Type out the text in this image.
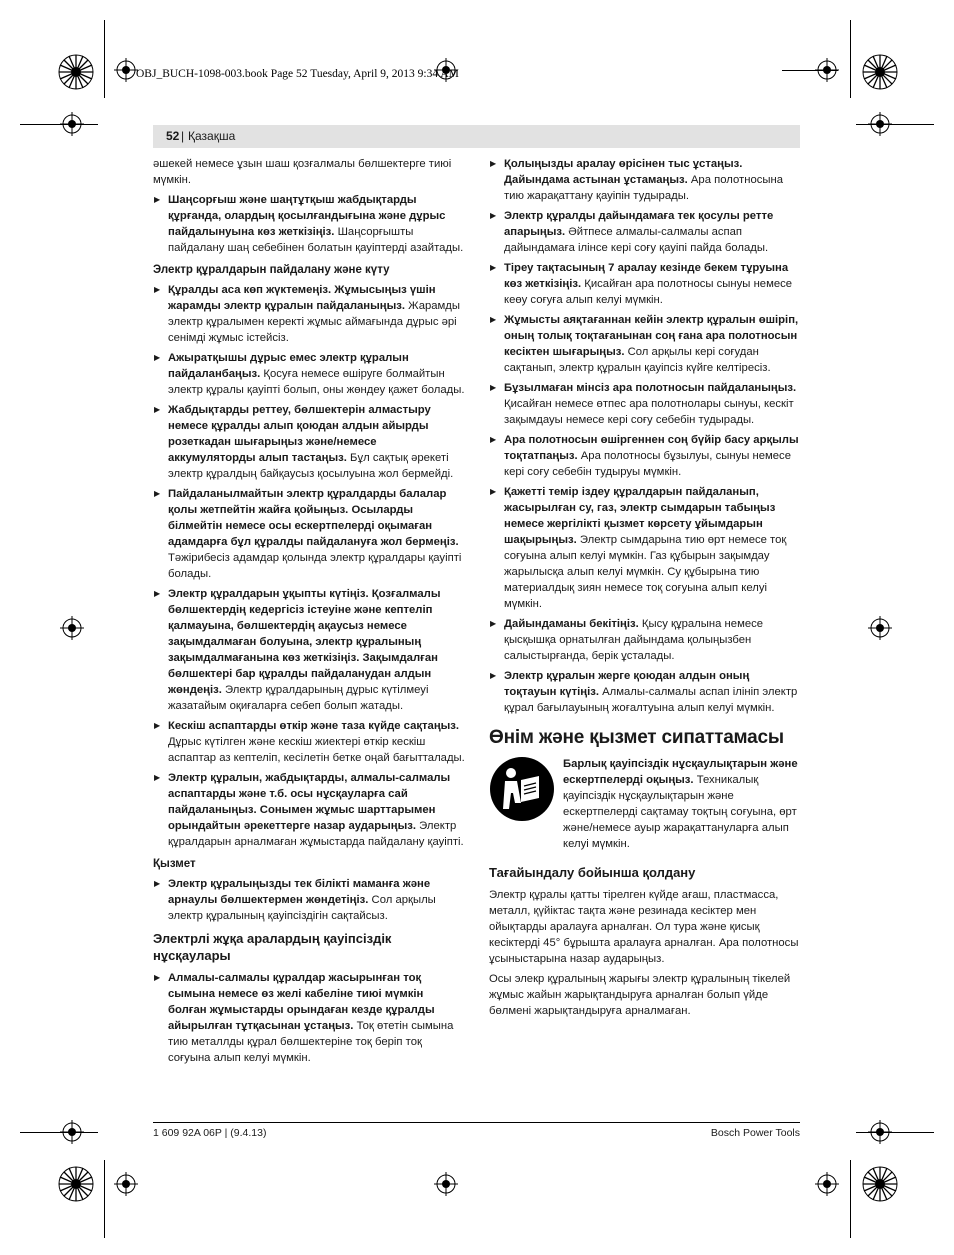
OBJ_BUCH-1098-003.book Page 52 Tuesday, April 9, 2013 9:34 AM
52 | Қазақша

әшекей немесе ұзын шаш қозғалмалы бөлшектерге тиюі мүмкін.

▶ Шаңсорғыш және шаңтұтқыш жабдықтарды құрғанда, олардың қосылғандығына және дұрыс пайдалынуына көз жеткізіңіз. Шаңсорғышты пайдалану шаң себебінен болатын қауіптерді азайтады.
Электр құралдарын пайдалану және күту
▶ Құралды аса көп жүктемеңіз. Жұмысыңыз үшін жарамды электр құралын пайдаланыңыз. Жарамды электр құралымен керекті жұмыс аймағында дұрыс әрі сенімді жұмыс істейсіз.
▶ Ажыратқышы дұрыс емес электр құралын пайдаланбаңыз. Қосуға немесе өшіруге болмайтын электр құралы қауіпті болып, оны жөндеу қажет болады.
▶ Жабдықтарды реттеу, бөлшектерін алмастыру немесе құралды алып қоюдан алдын айырды розеткадан шығарыңыз және/немесе аккумуляторды алып тастаңыз. Бұл сақтық әрекеті электр құралдың байқаусыз қосылуына жол бермейді.
▶ Пайдаланылмайтын электр құралдарды балалар қолы жетпейтін жайға қойыңыз. Осыларды білмейтін немесе осы ескертпелерді оқымаған адамдарға бұл құралды пайдалануға жол бермеңіз. Тәжірибесіз адамдар қолында электр құралдары қауіпті болады.
▶ Электр құралдарын ұқыпты күтіңіз. Қозғалмалы бөлшектердің кедергісіз істеуіне және кептеліп қалмауына, бөлшектердің ақаусыз немесе зақымдалмаған болуына, электр құралының зақымдалмағанына көз жеткізіңіз. Зақымдалған бөлшектері бар құралды пайдаланудан алдын жөндеңіз. Электр құралдарының дұрыс күтілмеуі жазатайым оқиғаларға себеп болып жатады.
▶ Кескіш аспаптарды өткір және таза күйде сақтаңыз. Дұрыс күтілген және кескіш жиектері өткір кескіш аспаптар аз кептеліп, кесілетін бетке оңай бағытталады.
▶ Электр құралын, жабдықтарды, алмалы-салмалы аспаптарды және т.б. осы нұсқауларға сай пайдаланыңыз. Сонымен жұмыс шарттарымен орындайтын әрекеттерге назар аударыңыз. Электр құралдарын арналмаған жұмыстарда пайдалану қауіпті.
Қызмет
▶ Электр құралыңызды тек білікті маманға және арнаулы бөлшектермен жөндетіңіз. Сол арқылы электр құралының қауіпсіздігін сақтайсыз.
Электрлі жұқа аралардың қауіпсіздік нұсқаулары
▶ Алмалы-салмалы құралдар жасырынған тоқ сымына немесе өз желі кабеліне тиюі мүмкін болған жұмыстарды орындаған кезде құралды айырылған тұтқасынан ұстаңыз. Тоқ өтетін сымына тию металлды құрал бөлшектеріне тоқ беріп тоқ соғуына алып келуі мүмкін.
▶ Қолыңызды аралау өрісінен тыс ұстаңыз. Дайындама астынан ұстамаңыз. Ара полотносына тию жарақаттану қауіпін тудырады.
▶ Электр құралды дайындамаға тек қосулы ретте апарыңыз. Әйтпесе алмалы-салмалы аспап дайындамаға ілінсе кері соғу қауіпі пайда болады.
▶ Тіреу тақтасының 7 аралау кезінде бекем тұруына көз жеткізіңіз. Қисайған ара полотносы сынуы немесе кеөу соғуға алып келуі мүмкін.
▶ Жұмысты аяқтағаннан кейін электр құралын өшіріп, оның толық тоқтағанынан соң ғана ара полотносын кесіктен шығарыңыз. Сол арқылы кері соғудан сақтанып, электр құралын қауіпсіз күйге келтіресіз.
▶ Бұзылмаған мінсіз ара полотносын пайдаланыңыз. Қисайған немесе өтпес ара полотнолары сынуы, кескіт зақымдауы немесе кері соғу себебін тудырады.
▶ Ара полотносын өшіргеннен соң бүйір басу арқылы тоқтатпаңыз. Ара полотносы бұзылуы, сынуы немесе кері соғу себебін тудыруы мүмкін.
▶ Қажетті темір іздеу құралдарын пайдаланып, жасырылған су, газ, электр сымдарын табыңыз немесе жергілікті қызмет көрсету ұйымдарын шақырыңыз. Электр сымдарына тию өрт немесе тоқ соғуына алып келуі мүмкін. Газ құбырын зақымдау жарылысқа алып келуі мүмкін. Су құбырына тию материалдық зиян немесе тоқ соғуына алып келуі мүмкін.
▶ Дайындаманы бекітіңіз. Қысу құралына немесе қысқышқа орнатылған дайындама қолыңызбен салыстырғанда, берік ұсталады.
▶ Электр құралын жерге қоюдан алдын оның тоқтауын күтіңіз. Алмалы-салмалы аспап ілініп электр құрал бағылауының жоғалтуына алып келуі мүмкін.
Өнім және қызмет сипаттамасы
Барлық қауіпсіздік нұсқаулықтарын және ескертпелерді оқыңыз. Техникалық қауіпсіздік нұсқаулықтарын және ескертпелерді сақтамау тоқтың соғуына, өрт және/немесе ауыр жарақаттануларға алып келуі мүмкін.
Тағайындалу бойынша қолдану

Электр құралы қатты тірелген күйде ағаш, пластмасса, металл, қүйіктас тақта және резинада кесіктер мен ойықтарды аралауға арналған. Ол тура және қисық кесіктерді 45° бұрышта аралауға арналған. Ара полотносы ұсыныстарына назар аударыңыз.

Осы элекр құралының жарығы электр құралының тікелей жұмыс жайын жарықтандыруға арналған болып үйде бөлмені жарықтандыруға арналмаған.

1 609 92A 06P | (9.4.13)	Bosch Power Tools
